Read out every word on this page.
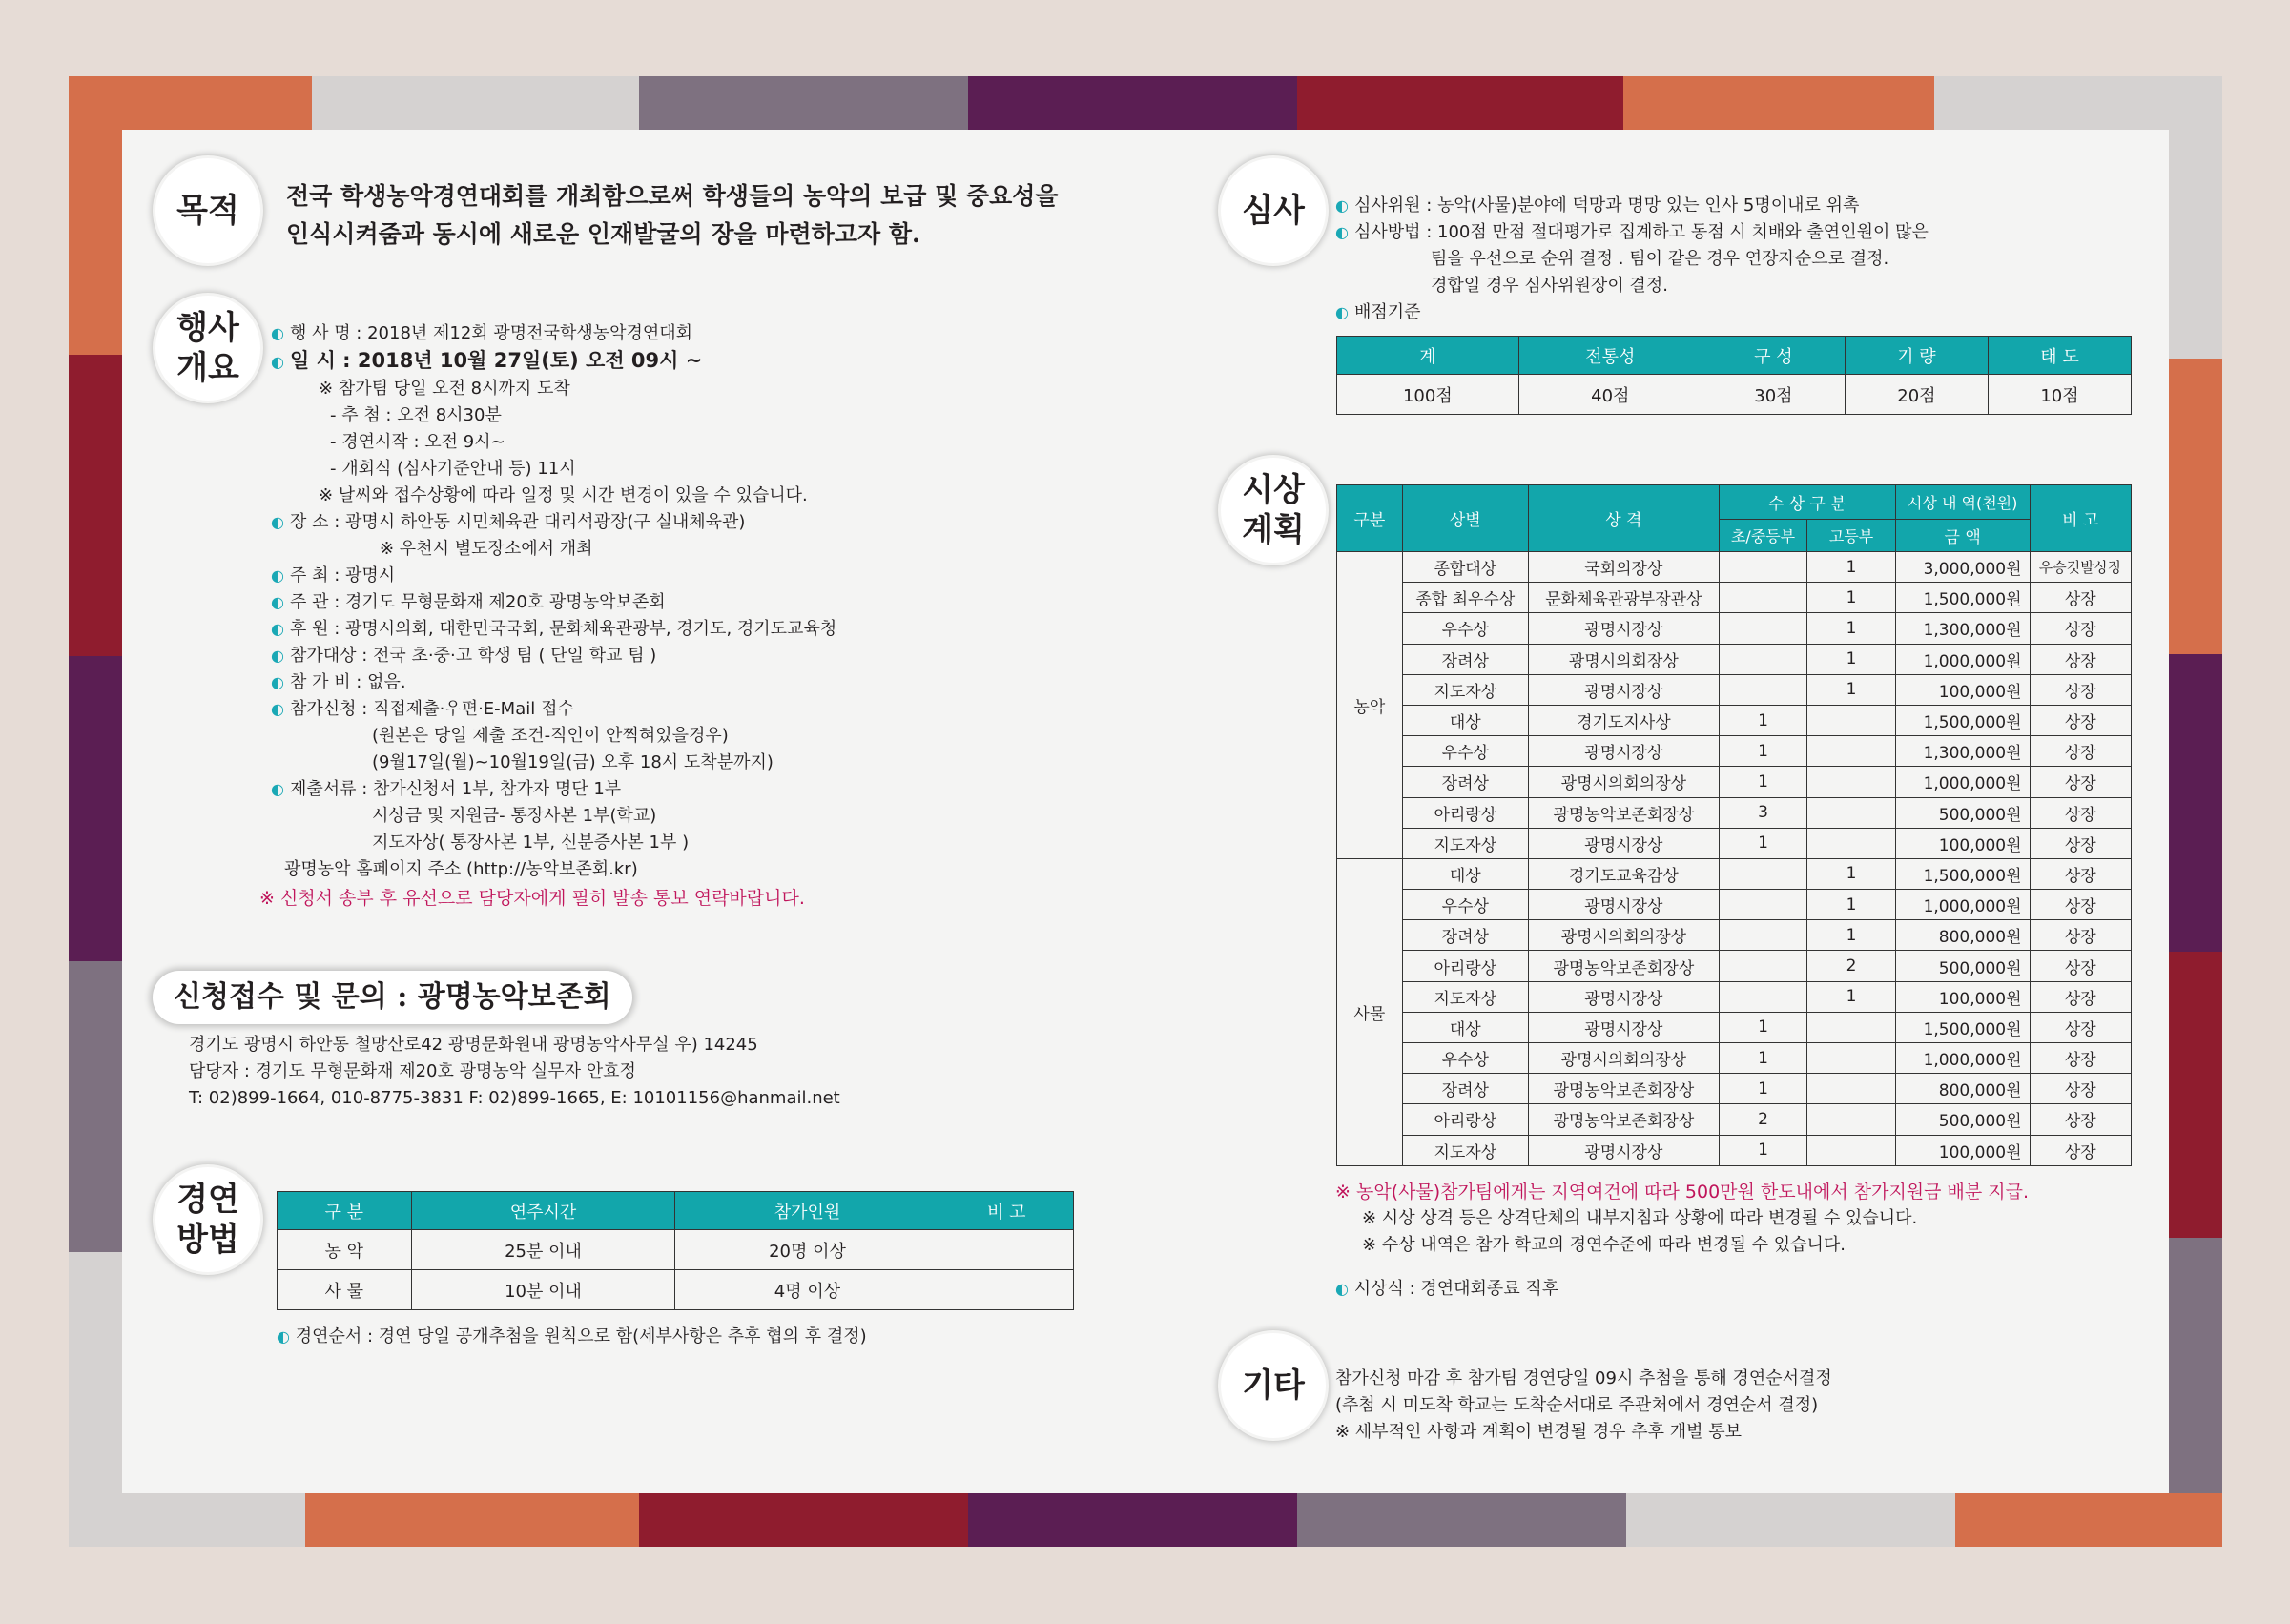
목적 전국 학생농악경연대회를 개최함으로써 학생들의 농악의 보급 및 중요성을
인식시켜줌과 동시에 새로운 인재발굴의 장을 마련하고자 함.
행사
개요
◐ 행 사 명 : 2018년 제12회 광명전국학생농악경연대회
◐ 일 시 : 2018년 10월 27일(토) 오전 09시 ~
※ 참가팀 당일 오전 8시까지 도착
- 추 첨 : 오전 8시30분
- 경연시작 : 오전 9시~
- 개회식 (심사기준안내 등) 11시
※ 날씨와 접수상황에 따라 일정 및 시간 변경이 있을 수 있습니다.
◐ 장 소 : 광명시 하안동 시민체육관 대리석광장(구 실내체육관)
※ 우천시 별도장소에서 개최
◐ 주 최 : 광명시
◐ 주 관 : 경기도 무형문화재 제20호 광명농악보존회
◐ 후 원 : 광명시의회, 대한민국국회, 문화체육관광부, 경기도, 경기도교육청
◐ 참가대상 : 전국 초·중·고 학생 팀 ( 단일 학교 팀 )
◐ 참 가 비 : 없음.
◐ 참가신청 : 직접제출·우편·E-Mail 접수
(원본은 당일 제출 조건-직인이 안찍혀있을경우)
(9월17일(월)~10월19일(금) 오후 18시 도착분까지)
◐ 제출서류 : 참가신청서 1부, 참가자 명단 1부
시상금 및 지원금- 통장사본 1부(학교)
지도자상( 통장사본 1부, 신분증사본 1부 )
광명농악 홈페이지 주소 (http://농악보존회.kr)
※ 신청서 송부 후 유선으로 담당자에게 필히 발송 통보 연락바랍니다.
신청접수 및 문의 : 광명농악보존회
경기도 광명시 하안동 철망산로42 광명문화원내 광명농악사무실 우) 14245
담당자 : 경기도 무형문화재 제20호 광명농악 실무자 안효정
T: 02)899-1664, 010-8775-3831 F: 02)899-1665, E: 10101156@hanmail.net
경연
방법
구 분	연주시간	참가인원	비 고
농 악	25분 이내	20명 이상	
사 물	10분 이내	4명 이상	
◐ 경연순서 : 경연 당일 공개추첨을 원칙으로 함(세부사항은 추후 협의 후 결정)
심사 ◐ 심사위원 : 농악(사물)분야에 덕망과 명망 있는 인사 5명이내로 위촉
◐ 심사방법 : 100점 만점 절대평가로 집계하고 동점 시 치배와 출연인원이 많은
팀을 우선으로 순위 결정 . 팀이 같은 경우 연장자순으로 결정.
경합일 경우 심사위원장이 결정.
◐ 배점기준
계	전통성	구 성	기 량	태 도
100점	40점	30점	20점	10점
시상
계획	구분	상별	상 격	수 상 구 분		시상 내 역(천원)	비 고
			초/중등부	고등부	금 액	
농악	종합대상	국회의장상		1	3,000,000원	우승깃발상장
	종합 최우수상	문화체육관광부장관상		1	1,500,000원	상장
	우수상	광명시장상		1	1,300,000원	상장
	장려상	광명시의회장상		1	1,000,000원	상장
	지도자상	광명시장상		1	100,000원	상장
	대상	경기도지사상	1		1,500,000원	상장
	우수상	광명시장상	1		1,300,000원	상장
	장려상	광명시의회의장상	1		1,000,000원	상장
	아리랑상	광명농악보존회장상	3		500,000원	상장
	지도자상	광명시장상	1		100,000원	상장
사물	대상	경기도교육감상		1	1,500,000원	상장
	우수상	광명시장상		1	1,000,000원	상장
	장려상	광명시의회의장상		1	800,000원	상장
	아리랑상	광명농악보존회장상		2	500,000원	상장
	지도자상	광명시장상		1	100,000원	상장
	대상	광명시장상	1		1,500,000원	상장
	우수상	광명시의회의장상	1		1,000,000원	상장
	장려상	광명농악보존회장상	1		800,000원	상장
	아리랑상	광명농악보존회장상	2		500,000원	상장
	지도자상	광명시장상	1		100,000원	상장
※ 농악(사물)참가팀에게는 지역여건에 따라 500만원 한도내에서 참가지원금 배분 지급.
※ 시상 상격 등은 상격단체의 내부지침과 상황에 따라 변경될 수 있습니다.
※ 수상 내역은 참가 학교의 경연수준에 따라 변경될 수 있습니다.
◐ 시상식 : 경연대회종료 직후
기타 참가신청 마감 후 참가팀 경연당일 09시 추첨을 통해 경연순서결정
(추첨 시 미도착 학교는 도착순서대로 주관처에서 경연순서 결정)
※ 세부적인 사항과 계획이 변경될 경우 추후 개별 통보
